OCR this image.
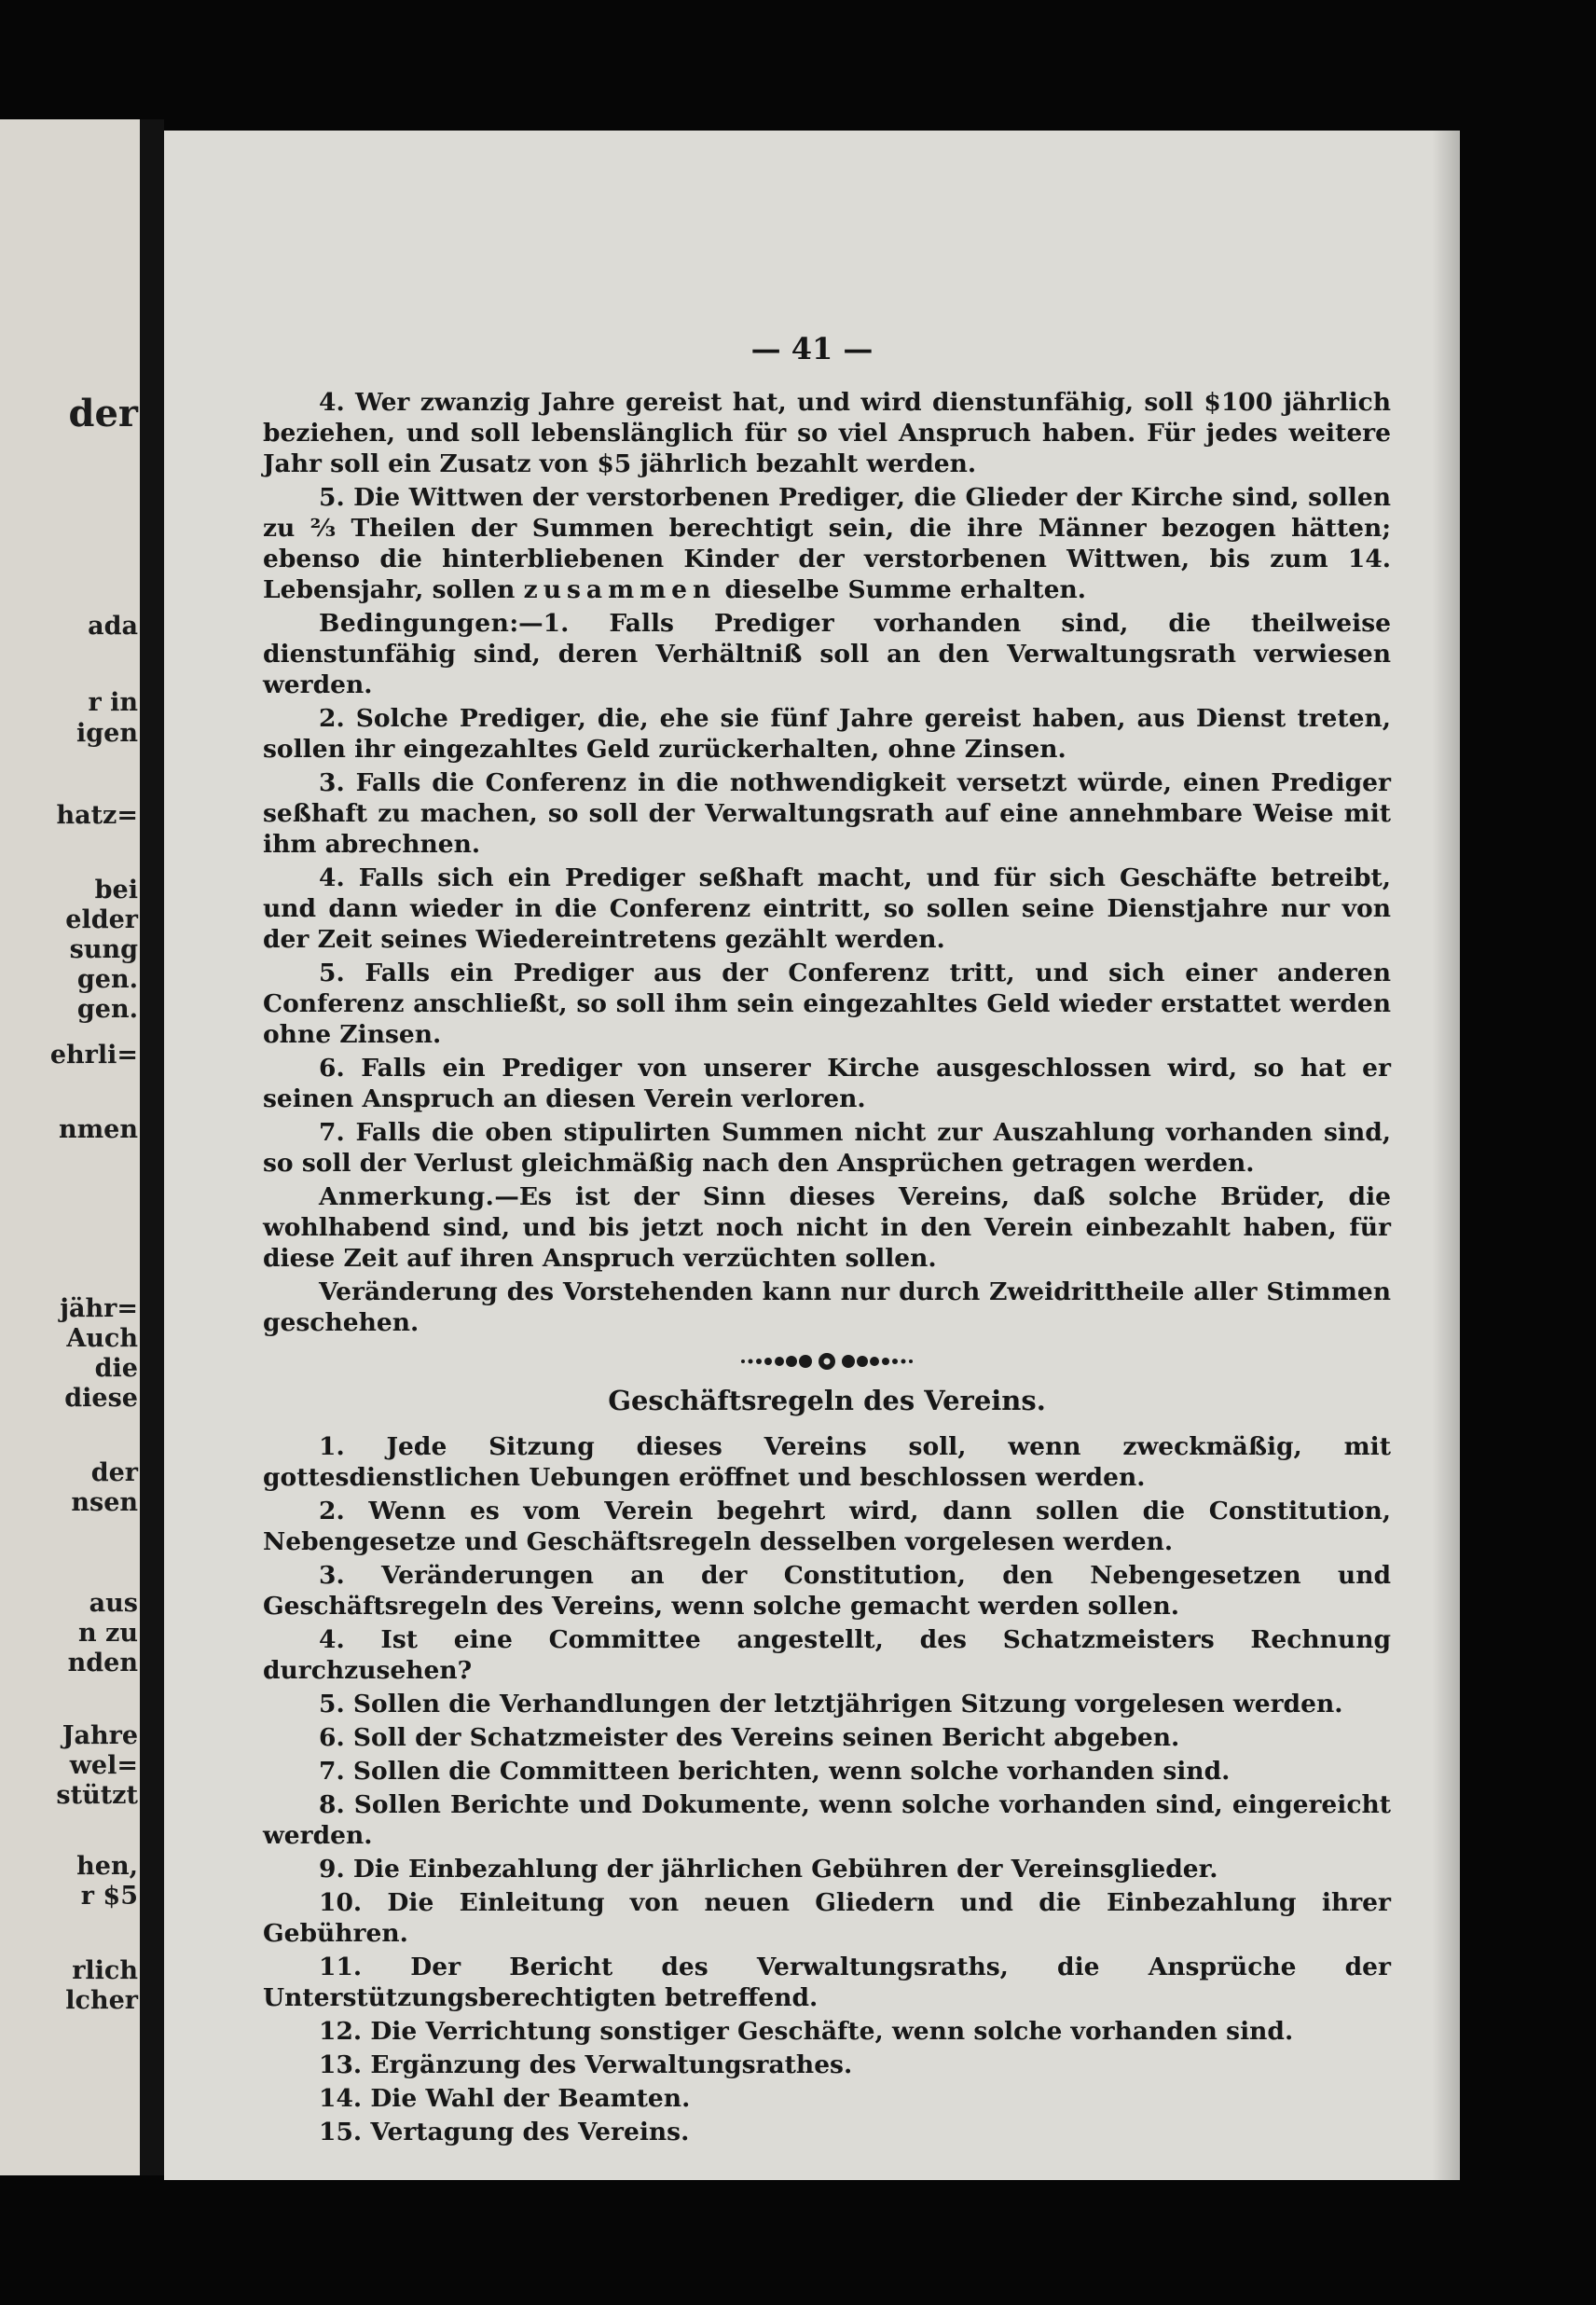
der
ada
r in
igen
hatz=
bei
elder
sung
gen.
gen.
ehrli=
nmen
jähr=
Auch
die
diese
der
nsen
aus
n zu
nden
Jahre
wel=
stützt
hen,
r $5
rlich
lcher
— 41 —

4. Wer zwanzig Jahre gereist hat, und wird dienstunfähig, soll $100 jährlich beziehen, und soll lebenslänglich für so viel Anspruch haben. Für jedes weitere Jahr soll ein Zusatz von $5 jährlich bezahlt werden.

5. Die Wittwen der verstorbenen Prediger, die Glieder der Kirche sind, sollen zu ⅔ Theilen der Summen berechtigt sein, die ihre Männer bezogen hätten; ebenso die hinterbliebenen Kinder der verstorbenen Wittwen, bis zum 14. Lebensjahr, sollen zusammen dieselbe Summe erhalten.

Bedingungen:—1. Falls Prediger vorhanden sind, die theilweise dienstunfähig sind, deren Verhältniß soll an den Verwaltungsrath verwiesen werden.

2. Solche Prediger, die, ehe sie fünf Jahre gereist haben, aus Dienst treten, sollen ihr eingezahltes Geld zurückerhalten, ohne Zinsen.

3. Falls die Conferenz in die nothwendigkeit versetzt würde, einen Prediger seßhaft zu machen, so soll der Verwaltungsrath auf eine annehmbare Weise mit ihm abrechnen.

4. Falls sich ein Prediger seßhaft macht, und für sich Geschäfte betreibt, und dann wieder in die Conferenz eintritt, so sollen seine Dienstjahre nur von der Zeit seines Wiedereintretens gezählt werden.

5. Falls ein Prediger aus der Conferenz tritt, und sich einer anderen Conferenz anschließt, so soll ihm sein eingezahltes Geld wieder erstattet werden ohne Zinsen.

6. Falls ein Prediger von unserer Kirche ausgeschlossen wird, so hat er seinen Anspruch an diesen Verein verloren.

7. Falls die oben stipulirten Summen nicht zur Auszahlung vorhanden sind, so soll der Verlust gleichmäßig nach den Ansprüchen getragen werden.

Anmerkung.—Es ist der Sinn dieses Vereins, daß solche Brüder, die wohlhabend sind, und bis jetzt noch nicht in den Verein einbezahlt haben, für diese Zeit auf ihren Anspruch verzüchten sollen.

Veränderung des Vorstehenden kann nur durch Zweidrittheile aller Stimmen geschehen.

Geschäftsregeln des Vereins.

1. Jede Sitzung dieses Vereins soll, wenn zweckmäßig, mit gottesdienstlichen Uebungen eröffnet und beschlossen werden.

2. Wenn es vom Verein begehrt wird, dann sollen die Constitution, Nebengesetze und Geschäftsregeln desselben vorgelesen werden.

3. Veränderungen an der Constitution, den Nebengesetzen und Geschäftsregeln des Vereins, wenn solche gemacht werden sollen.

4. Ist eine Committee angestellt, des Schatzmeisters Rechnung durchzusehen?

5. Sollen die Verhandlungen der letztjährigen Sitzung vorgelesen werden.

6. Soll der Schatzmeister des Vereins seinen Bericht abgeben.

7. Sollen die Committeen berichten, wenn solche vorhanden sind.

8. Sollen Berichte und Dokumente, wenn solche vorhanden sind, eingereicht werden.

9. Die Einbezahlung der jährlichen Gebühren der Vereinsglieder.

10. Die Einleitung von neuen Gliedern und die Einbezahlung ihrer Gebühren.

11. Der Bericht des Verwaltungsraths, die Ansprüche der Unterstützungsberechtigten betreffend.

12. Die Verrichtung sonstiger Geschäfte, wenn solche vorhanden sind.

13. Ergänzung des Verwaltungsrathes.

14. Die Wahl der Beamten.

15. Vertagung des Vereins.
